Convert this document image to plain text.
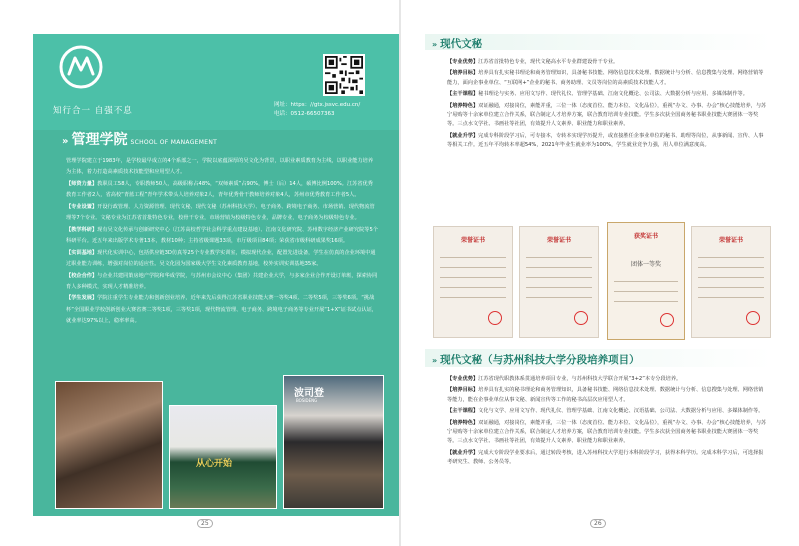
知行合一 自强不息
网址：https：//gtx.jssvc.edu.cn/
电话：0512-66507363
» 管理学院 SCHOOL OF MANAGEMENT

管理学院建立于1983年，是学校最早成立的4个系部之一，学院以底蕴深厚的吴文化为背景，以职业素质教育为主线，以职业能力培养为主体，着力打造高素质技术技能型和应用型人才。

【师资力量】教职员工58人，专职教师50人，高级职称占48%，“双师素质”占90%，博士（后）14人，硕博比例100%。江苏省优秀教育工作者2人，省高校“青蓝工程”青年学术带头人培养对象2人，青年优秀骨干教师培养对象4人，苏州市优秀教育工作者5人。

【专业设置】开设行政管理、人力资源管理、现代文秘、现代文秘（苏州科技大学）、电子商务、跨境电子商务、市场营销、现代物流管理等7个专业。文秘专业为江苏省首批特色专业，校骨干专业，市场营销为校级特色专业，品牌专业，电子商务为校级特色专业。

【教学科研】现有吴文化传承与创新研究中心（江苏高校哲学社会科学重点建设基地）、江南文化研究院、苏州数字经济产业研究院等5个科研平台。近五年来出版学术专著13本，教材10种；主持省级课题33项，市厅级项目84项；荣获省市级科研成果奖16项。

【实训基地】现代化实训中心，包括供应链3D仿真等25个专业教学实训室，模拟现代企业，配置先进设备，学生在仿真的企业环境中通过职业能力训练，增强对岗位的适应性。吴文化园为国家级大学生文化素质教育基地，校外实训实训基地35家。

【校企合作】与企业共建同策房地产学院和华成学院，与苏州市会议中心（集团）共建企业大学，与多家企业合作开设订单班，探索协同育人多种模式，实现人才精准培养。

【学生发展】学院注重学生专业能力和创新创业培养，近年来先后获得江苏省职业技能大赛一等奖4项、二等奖5项，三等奖6项。“挑战杯”全国职业学校创新创业大赛省赛二等奖1项，三等奖1项，现代物流管理、电子商务、跨境电子商务等专业开展“1+X”证书试点认证，就业率达97%以上，稳率率高。

从心开始
波司登
BOSIDENG
25
» 现代文秘

【专业优势】江苏省首批特色专业，现代文秘高水平专业群建设骨干专业。

【培养目标】培养具有扎实秘书理论和商务管理知识，具备秘书技能、网络信息技术处理、数据统计与分析、信息搜集与处理、网络营销等能力，面向企事业单位、“互联网+”企业的秘书、商务助理、文员等岗位的高素质技术技能人才。

【主干课程】秘书理论与实务、应用文写作、现代礼仪、管理学基础、江南文化概论、公司法、大数据分析与应用、多媒体制作等。

【培养特色】双证融通，对接岗位，素能并重，三位一体（态度首位、能力本位、文化品位），重视“办文、办事、办会”核心技能培养，与苏宁易购等十余家单位建立合作关系，联合制定人才培养方案，联合教育培训专业技能。学生多次获全国商务秘书职业技能大赛团体一等奖等。三点水文学社、书画社等社团，有效提升人文素养、职业能力和职业素养。

【就业升学】完成专科阶段学习后，可专接本，专转本实现学历提升，或直接胜任企事业单位的秘书、助理等岗位，从事新闻、宣传、人事等相关工作。近五年平均转本率超54%，2021年毕业生就业率为100%，学生就业竞争力强，用人单位满意度高。

荣誉证书	荣誉证书
获奖证书
团体一等奖
荣誉证书
» 现代文秘（与苏州科技大学分段培养项目）

【专业优势】江苏省现代职教体系贯通培养项目专业，与苏州科技大学联合开展“3+2”本专分段培养。

【培养目标】培养具有扎实的秘书理论和商务管理知识，具备秘书技能、网络信息技术处理、数据统计与分析、信息搜集与处理、网络营销等能力，能在企事业单位从事文秘、新闻宣传等工作的秘书高层次应用型人才。

【主干课程】文化与文学、应用文写作、现代礼仪、管理学基础、江南文化概论、汉语基础、公司法、大数据分析与应用、多媒体制作等。

【培养特色】双证融通，对接岗位，素能并重，三位一体（态度首位、能力本位、文化品位），重视“办文、办事、办会”核心技能培养，与苏宁易购等十余家单位建立合作关系，联合制定人才培养方案，联合教育培训专业技能。学生多次获全国商务秘书职业技能大赛团体一等奖等。三点水文学社、书画社等社团，有效提升人文素养、职业能力和职业素养。

【就业升学】完成大专阶段学业要求后，通过转段考核，进入苏州科技大学进行本科阶段学习，获得本科学历。完成本科学习后，可选择报考研究生、教师、公务员等。

26
